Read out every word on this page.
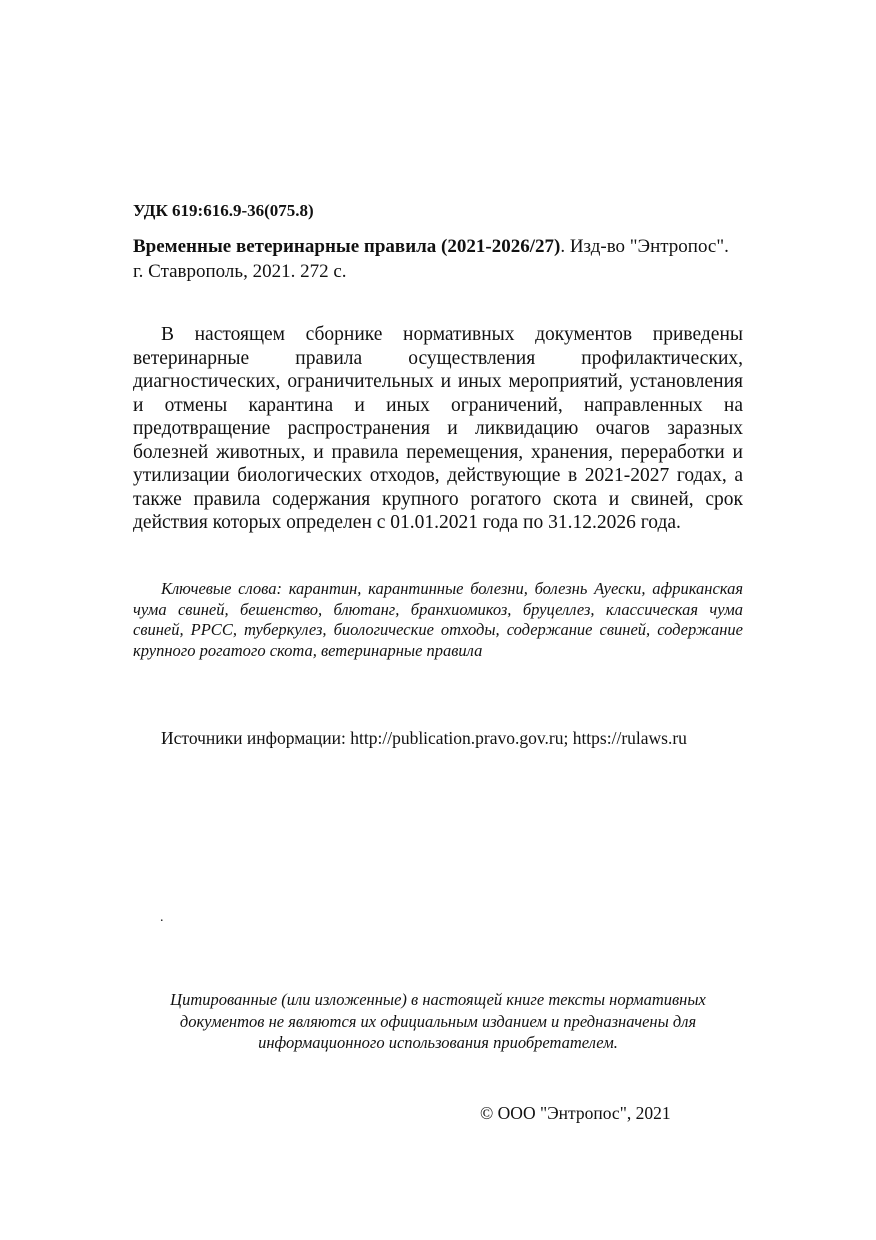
УДК 619:616.9-36(075.8)
Временные ветеринарные правила (2021-2026/27). Изд-во "Энтропос".
г. Ставрополь, 2021. 272 с.
В настоящем сборнике нормативных документов приведены ветеринарные правила осуществления профилактических, диагностических, ограничительных и иных мероприятий, установления и отмены карантина и иных ограничений, направленных на предотвращение распространения и ликвидацию очагов заразных болезней животных, и правила перемещения, хранения, переработки и утилизации биологических отходов, действующие в 2021-2027 годах, а также правила содержания крупного рогатого скота и свиней, срок действия которых определен с 01.01.2021 года по 31.12.2026 года.
Ключевые слова: карантин, карантинные болезни, болезнь Ауески, африканская чума свиней, бешенство, блютанг, бранхиомикоз, бруцеллез, классическая чума свиней, РРСС, туберкулез, биологические отходы, содержание свиней, содержание крупного рогатого скота, ветеринарные правила
Источники информации: http://publication.pravo.gov.ru; https://rulaws.ru
.
Цитированные (или изложенные) в настоящей книге тексты нормативных документов не являются их официальным изданием и предназначены для информационного использования приобретателем.
© ООО "Энтропос", 2021
